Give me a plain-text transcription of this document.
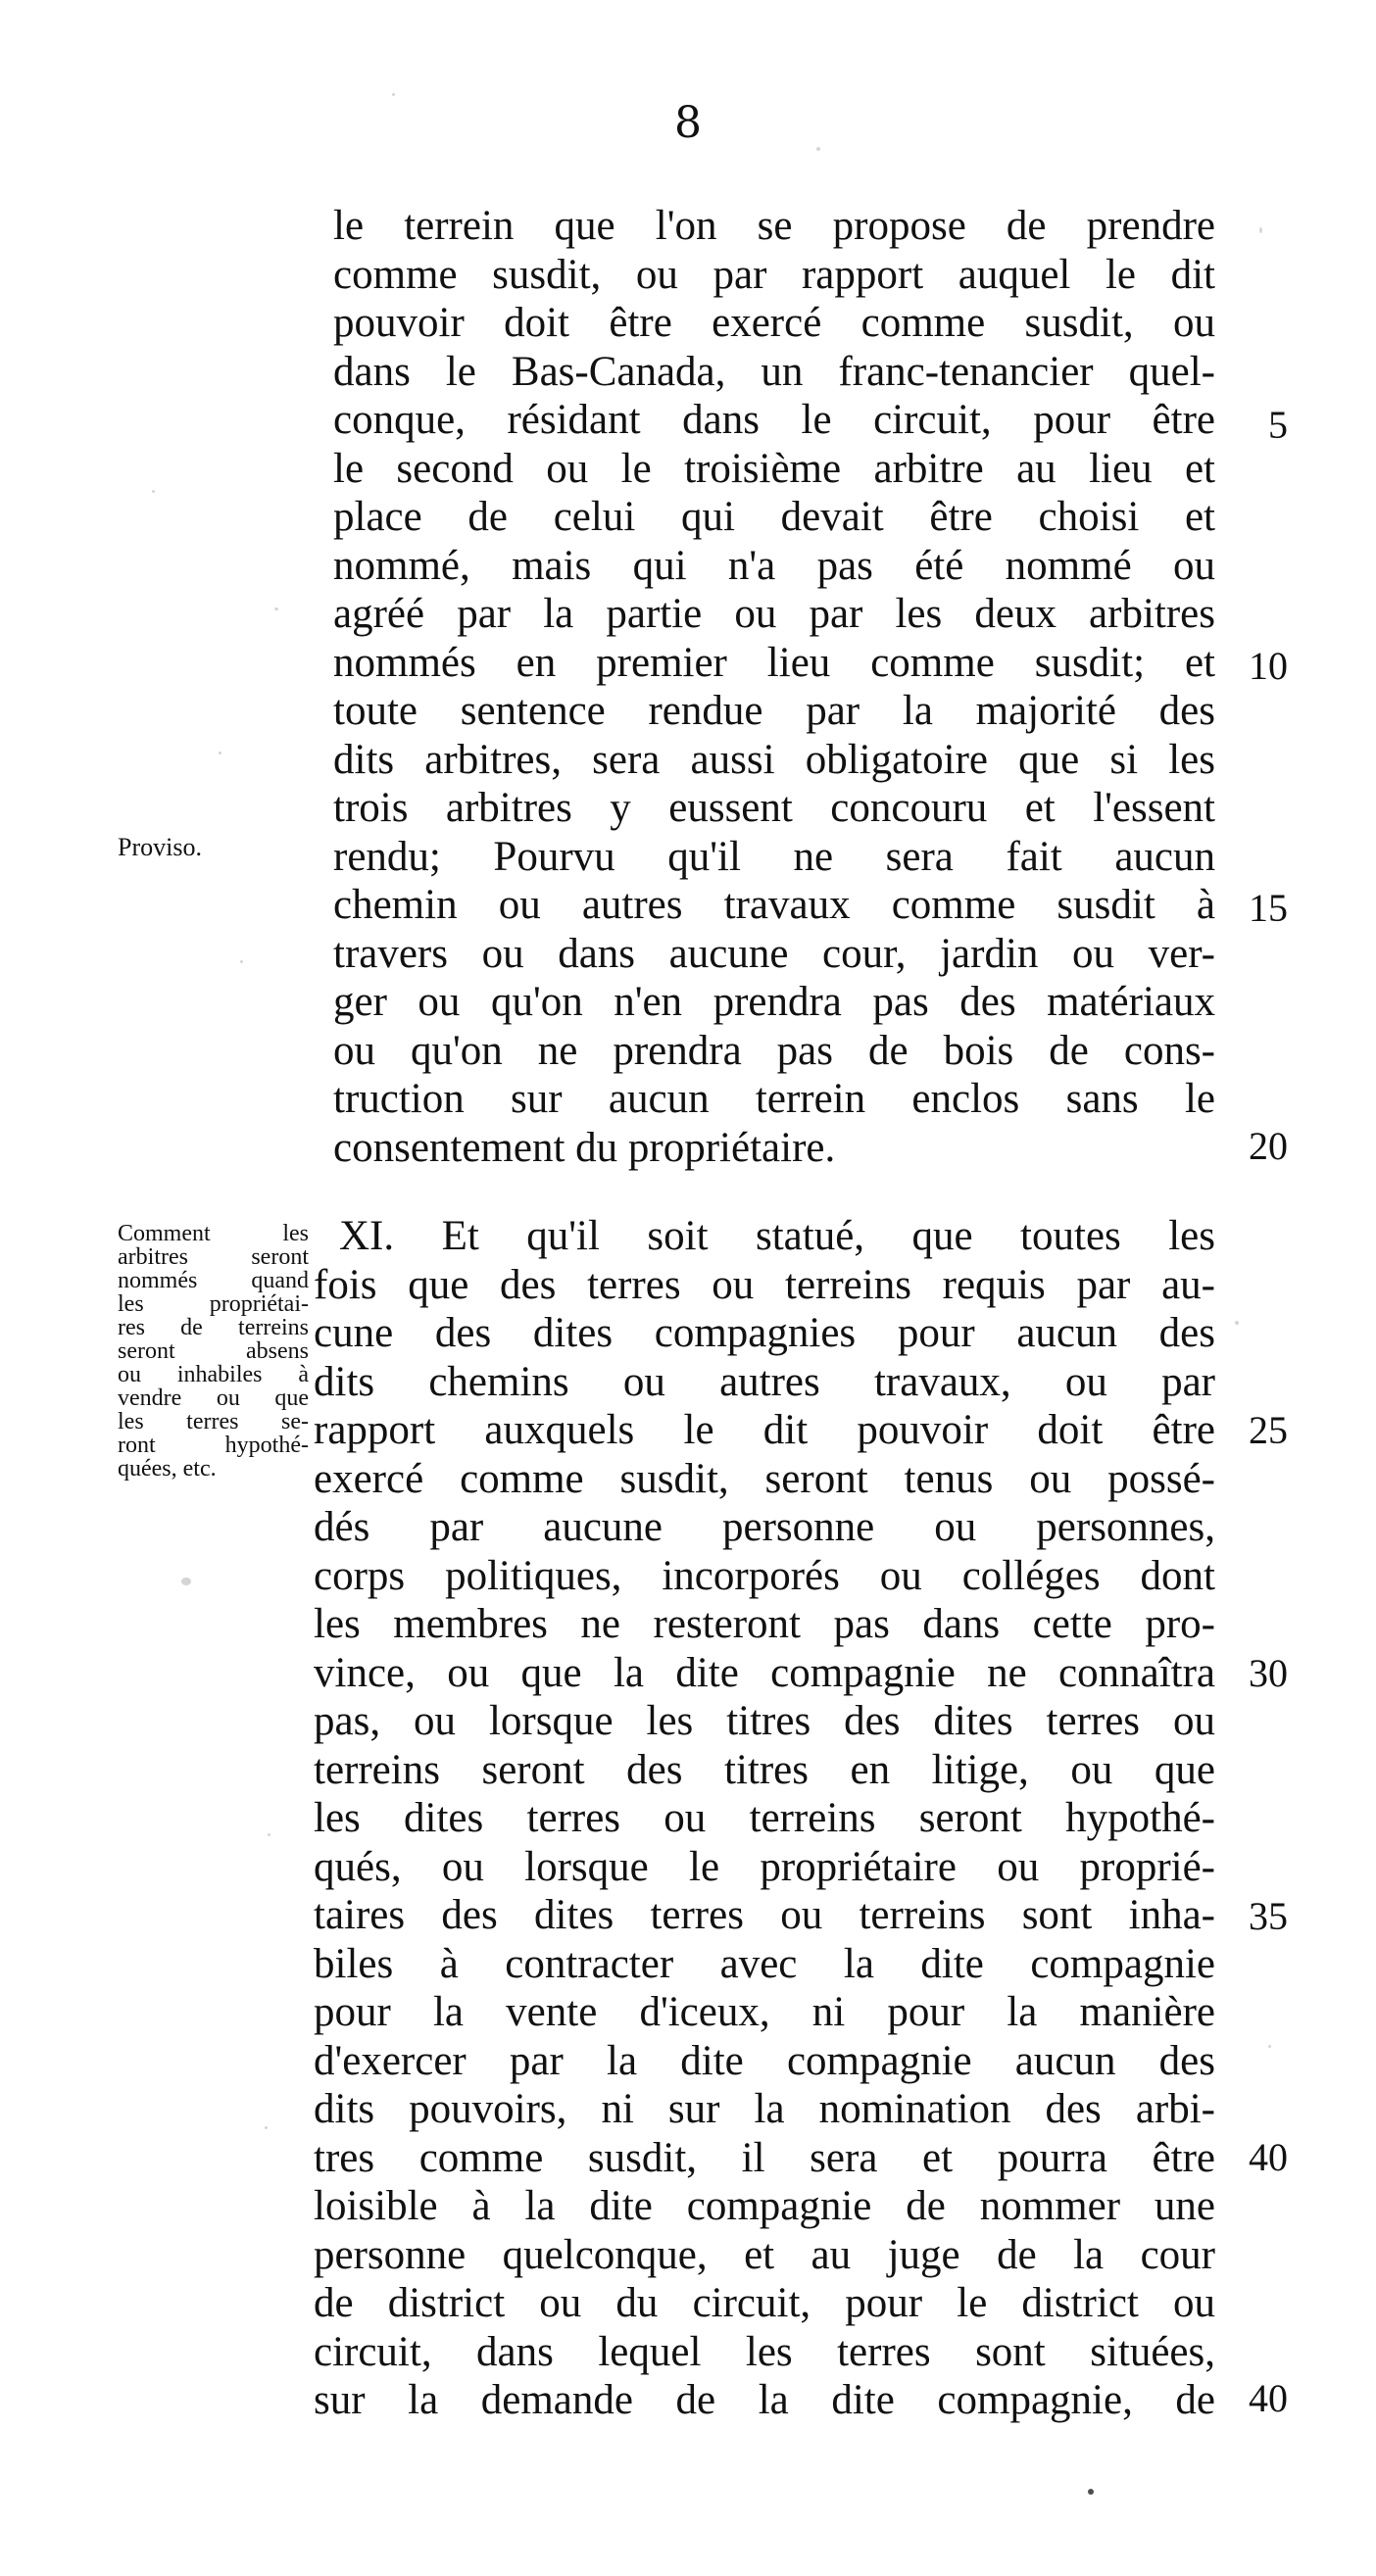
8
le terrein que l'on se propose de prendre
comme susdit, ou par rapport auquel le dit
pouvoir doit être exercé comme susdit, ou
dans le Bas-Canada, un franc-tenancier quel-
conque, résidant dans le circuit, pour être
le second ou le troisième arbitre au lieu et
place de celui qui devait être choisi et
nommé, mais qui n'a pas été nommé ou
agréé par la partie ou par les deux arbitres
nommés en premier lieu comme susdit; et
toute sentence rendue par la majorité des
dits arbitres, sera aussi obligatoire que si les
trois arbitres y eussent concouru et l'essent
rendu; Pourvu qu'il ne sera fait aucun
chemin ou autres travaux comme susdit à
travers ou dans aucune cour, jardin ou ver-
ger ou qu'on n'en prendra pas des matériaux
ou qu'on ne prendra pas de bois de cons-
truction sur aucun terrein enclos sans le
consentement du propriétaire.
XI. Et qu'il soit statué, que toutes les
fois que des terres ou terreins requis par au-
cune des dites compagnies pour aucun des
dits chemins ou autres travaux, ou par
rapport auxquels le dit pouvoir doit être
exercé comme susdit, seront tenus ou possé-
dés par aucune personne ou personnes,
corps politiques, incorporés ou colléges dont
les membres ne resteront pas dans cette pro-
vince, ou que la dite compagnie ne connaîtra
pas, ou lorsque les titres des dites terres ou
terreins seront des titres en litige, ou que
les dites terres ou terreins seront hypothé-
qués, ou lorsque le propriétaire ou proprié-
taires des dites terres ou terreins sont inha-
biles à contracter avec la dite compagnie
pour la vente d'iceux, ni pour la manière
d'exercer par la dite compagnie aucun des
dits pouvoirs, ni sur la nomination des arbi-
tres comme susdit, il sera et pourra être
loisible à la dite compagnie de nommer une
personne quelconque, et au juge de la cour
de district ou du circuit, pour le district ou
circuit, dans lequel les terres sont situées,
sur la demande de la dite compagnie, de
5
10
15
20
25
30
35
40
40
Proviso.
Comment les
arbitres seront
nommés quand
les propriétai-
res de terreins
seront absens
ou inhabiles à
vendre ou que
les terres se-
ront hypothé-
quées, etc.
